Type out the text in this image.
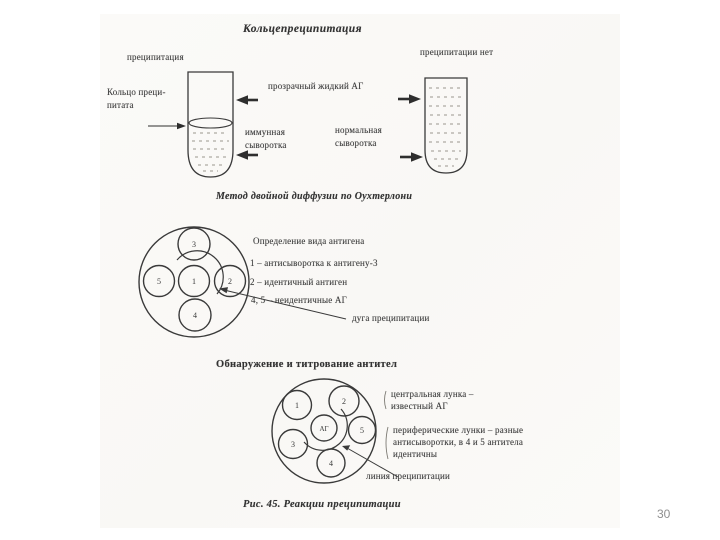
3
5	1	2
4
1	2
АГ	5
3
4
Кольцепреципитация
преципитация	преципитации нет
Кольцо преци-
питата
прозрачный жидкий АГ
иммунная
сыворотка
нормальная
сыворотка
Метод двойной диффузии по Оухтерлони
Определение вида антигена
1 – антисыворотка к антигену-3
2 – идентичный антиген
4, 5 – неидентичные АГ
дуга преципитации
Обнаружение и титрование антител
центральная лунка –
известный АГ
периферические лунки – разные
антисыворотки, в 4 и 5 антитела
идентичны
линия преципитации
Рис. 45. Реакции преципитации
30
